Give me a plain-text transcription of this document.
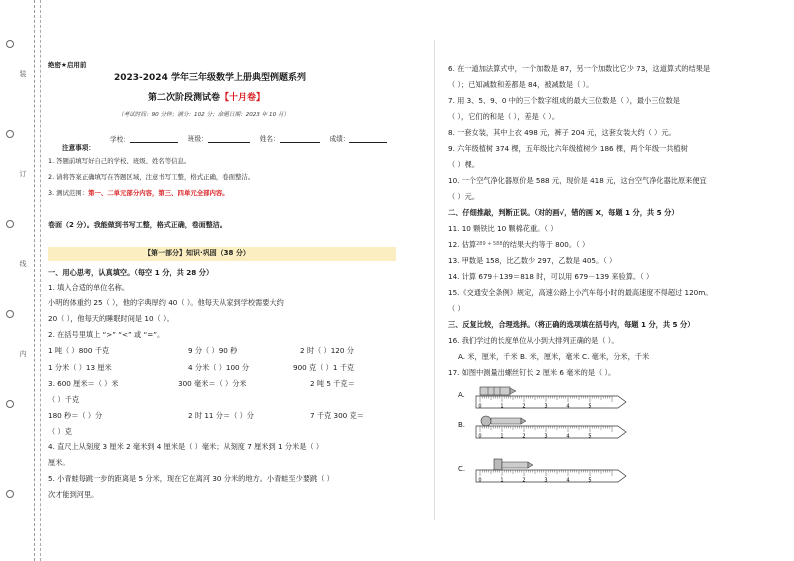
装
订
线
内
绝密★启用前
2023-2024 学年三年级数学上册典型例题系列
第二次阶段测试卷【十月卷】
（考试时间：90 分钟；满分：102 分；命题日期：2023 年 10 月）
学校：	班级：	姓名：	成绩：
注意事项：
1. 答题前填写好自己的学校、班级、姓名等信息。
2. 请将答案正确填写在答题区域，注意书写工整，格式正确，卷面整洁。
3. 测试范围：第一、二单元部分内容，第三、四单元全部内容。
卷面（2 分）。我能做到书写工整，格式正确，卷面整洁。
【第一部分】知识·巩固（38 分）
一、用心思考，认真填空。（每空 1 分，共 28 分）
1. 填入合适的单位名称。
小明的体重约 25（ ），他的字典厚约 40（ ）。他每天从家到学校需要大约
20（ ），他每天的睡眠时间是 10（ ）。
2. 在括号里填上 “>” “<” 或 “=”。
1 吨（ ）800 千克	9 分（ ）90 秒	2 时（ ）120 分
1 分米（ ）13 厘米	4 分米（ ）100 分	900 克（ ）1 千克
3. 600 厘米＝（ ）米	300 毫米＝（ ）分米	2 吨 5 千克＝
（ ）千克
180 秒＝（ ）分	2 时 11 分＝（ ）分	7 千克 300 克＝
（ ）克
4. 直尺上从刻度 3 厘米 2 毫米到 4 厘米是（ ）毫米；从刻度 7 厘米到 1 分米是（ ）
厘米。
5. 小青蛙每跳一步的距离是 5 分米，现在它在离河 30 分米的地方。小青蛙至少要跳（ ）
次才能到河里。
6. 在一道加法算式中，一个加数是 87，另一个加数比它少 73，这道算式的结果是
（ ）；已知减数和差都是 84，被减数是（ ）。
7. 用 3、5、9、0 中的三个数字组成的最大三位数是（ ），最小三位数是
（ ），它们的和是（ ），差是（ ）。
8. 一套女装，其中上衣 498 元，裤子 204 元，这套女装大约（ ）元。
9. 六年级植树 374 棵，五年级比六年级植树少 186 棵，两个年级一共植树
（ ）棵。
10. 一个空气净化器原价是 588 元，现价是 418 元，这台空气净化器比原来便宜
（ ）元。
二、仔细推敲，判断正误。（对的画√，错的画 X，每题 1 分，共 5 分）
11. 10 颗铁比 10 颗棉花重。（ ）
12. 估算$^{289 + 588}$的结果大约等于 800。（ ）
13. 甲数是 158，比乙数少 297，乙数是 405。（ ）
14. 计算 679＋139＝818 时，可以用 679－139 来验算。（ ）
15.《交通安全条例》规定，高速公路上小汽车每小时的最高速度不得超过 120m。
（ ）
三、反复比较，合理选择。（将正确的选项填在括号内，每题 1 分，共 5 分）
16. 我们学过的长度单位从小到大排列正确的是（ ）。
A. 米，厘米，千米 B. 米，厘米，毫米 C. 毫米，分米，千米
17. 如图中测量出螺丝钉长 2 厘米 6 毫米的是（ ）。
A.
0	1	2	3	4	5
B.
0	1	2	3	4	5
C.
0	1	2	3	4	5
